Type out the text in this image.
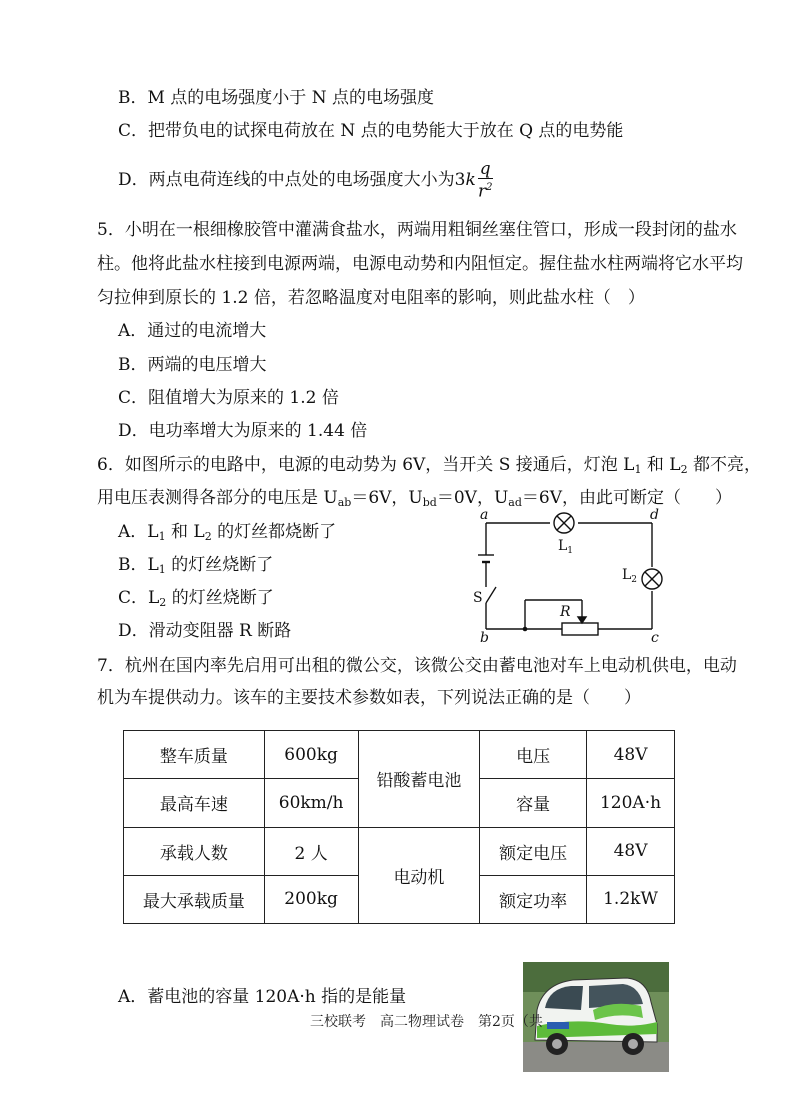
B．M 点的电场强度小于 N 点的电场强度
C．把带负电的试探电荷放在 N 点的电势能大于放在 Q 点的电势能
D．两点电荷连线的中点处的电场强度大小为$3k \frac{q}{r^2}$
5．小明在一根细橡胶管中灌满食盐水，两端用粗铜丝塞住管口，形成一段封闭的盐水
柱。他将此盐水柱接到电源两端，电源电动势和内阻恒定。握住盐水柱两端将它水平均
匀拉伸到原长的 1.2 倍，若忽略温度对电阻率的影响，则此盐水柱（　）
A．通过的电流增大
B．两端的电压增大
C．阻值增大为原来的 1.2 倍
D．电功率增大为原来的 1.44 倍
6．如图所示的电路中，电源的电动势为 6V，当开关 S 接通后，灯泡 $L_1$ 和 $L_2$ 都不亮，
用电压表测得各部分的电压是 $U_{ab}=6V$，$U_{bd}=0V$，$U_{ad}=6V$，由此可断定（　　）
A．$L_1$ 和 $L_2$ 的灯丝都烧断了
B．$L_1$ 的灯丝烧断了
C．$L_2$ 的灯丝烧断了
D．滑动变阻器 R 断路
a	d
b	c
R
$L_1$
$L_2$
S
7．杭州在国内率先启用可出租的微公交，该微公交由蓄电池对车上电动机供电，电动
机为车提供动力。该车的主要技术参数如表，下列说法正确的是（　　）
整车质量	600kg	铅酸蓄电池	电压	48V
最高车速	60km/h		容量	120A·h
承载人数	2 人	电动机	额定电压	48V
最大承载质量	200kg		额定功率	1.2kW
A．蓄电池的容量 120A·h 指的是能量
三校联考　高二物理试卷　第2页（共
